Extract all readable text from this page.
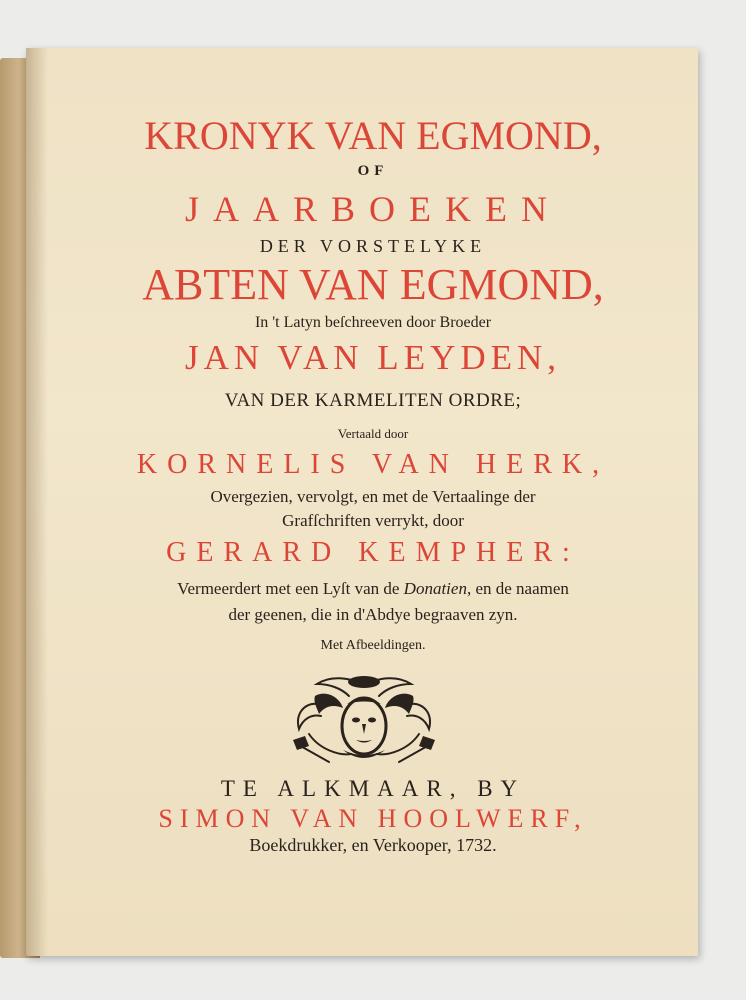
KRONYK VAN EGMOND,

OF

JAARBOEKEN

DER VORSTELYKE

ABTEN VAN EGMOND,

In 't Latyn beſchreeven door Broeder

JAN VAN LEYDEN,

VAN DER KARMELITEN ORDRE;

Vertaald door

KORNELIS VAN HERK,

Overgezien, vervolgt, en met de Vertaalinge der

Grafſchriften verrykt, door

GERARD KEMPHER:

Vermeerdert met een Lyſt van de Donatien, en de naamen

der geenen, die in d'Abdye begraaven zyn.

Met Afbeeldingen.

TE ALKMAAR, BY

SIMON VAN HOOLWERF,

Boekdrukker, en Verkooper, 1732.
